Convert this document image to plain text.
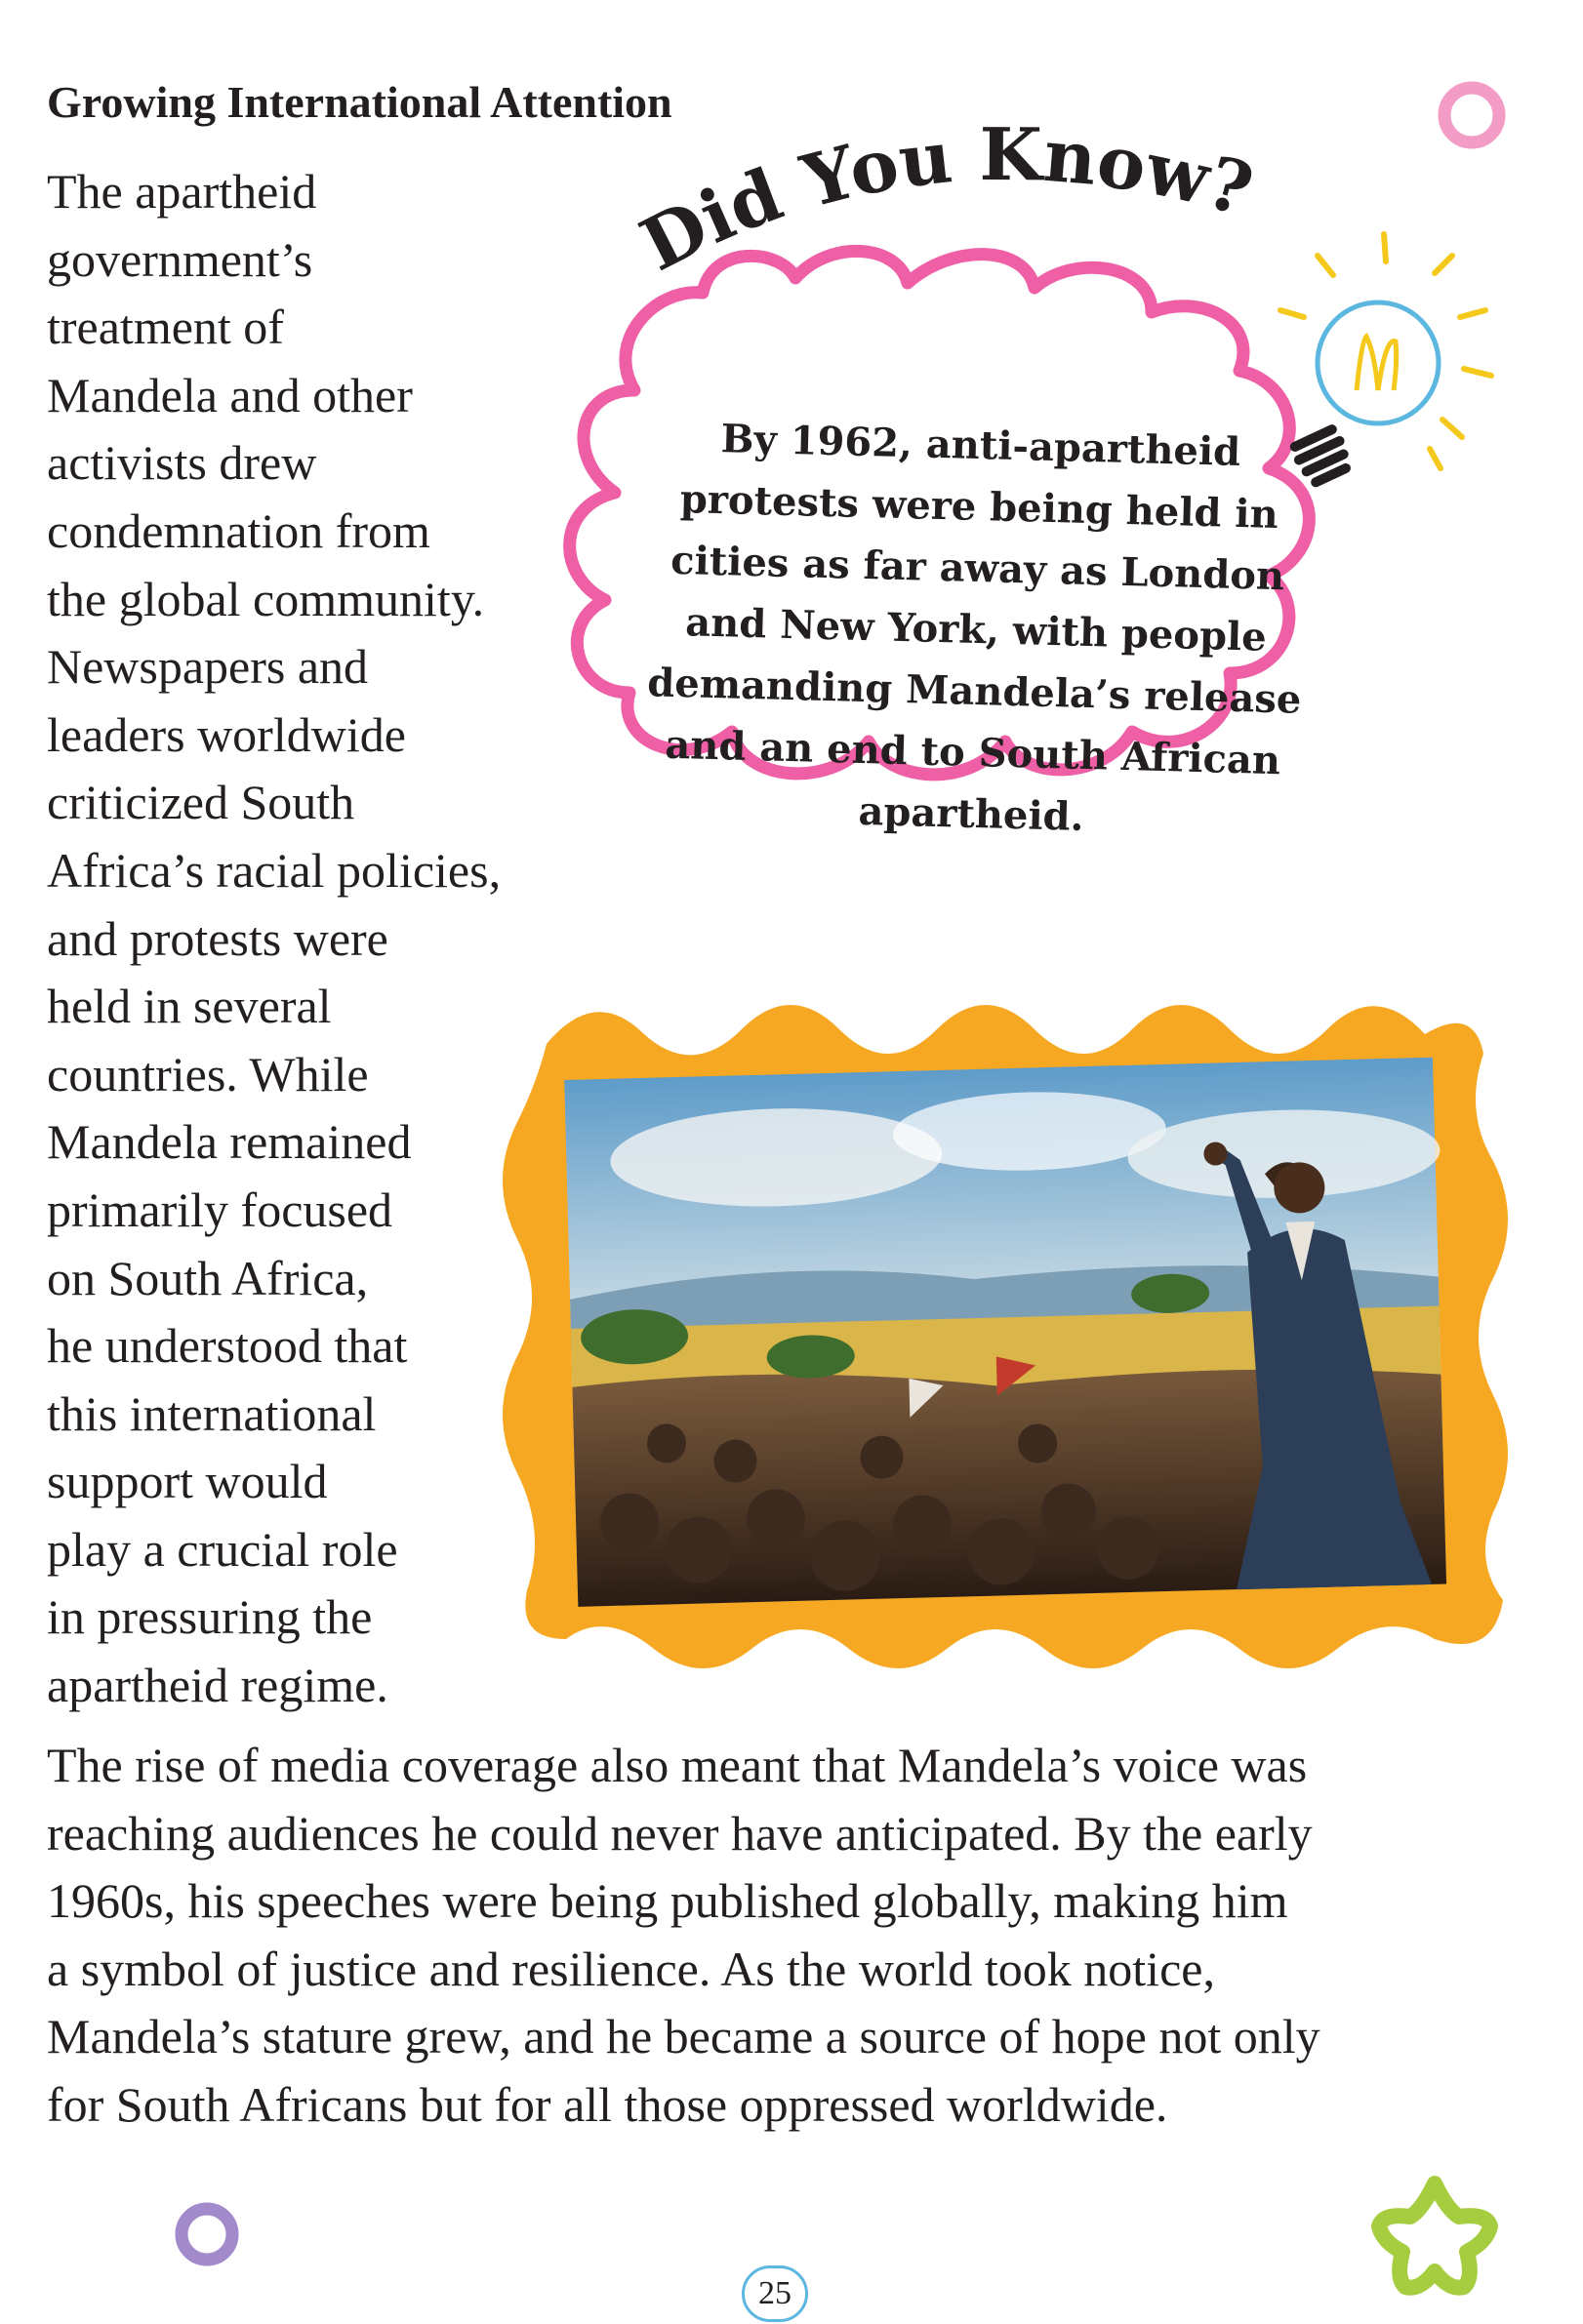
Growing International Attention
The apartheid
government’s
treatment of
Mandela and other
activists drew
condemnation from
the global community.
Newspapers and
leaders worldwide
criticized South
Africa’s racial policies,
and protests were
held in several
countries. While
Mandela remained
primarily focused
on South Africa,
he understood that
this international
support would
play a crucial role
in pressuring the
apartheid regime.
Did You Know?
By 1962, anti-apartheid
protests were being held in
cities as far away as London
and New York, with people
demanding Mandela’s release
and an end to South African
apartheid.
The rise of media coverage also meant that Mandela’s voice was
reaching audiences he could never have anticipated. By the early
1960s, his speeches were being published globally, making him
a symbol of justice and resilience. As the world took notice,
Mandela’s stature grew, and he became a source of hope not only
for South Africans but for all those oppressed worldwide.
25
